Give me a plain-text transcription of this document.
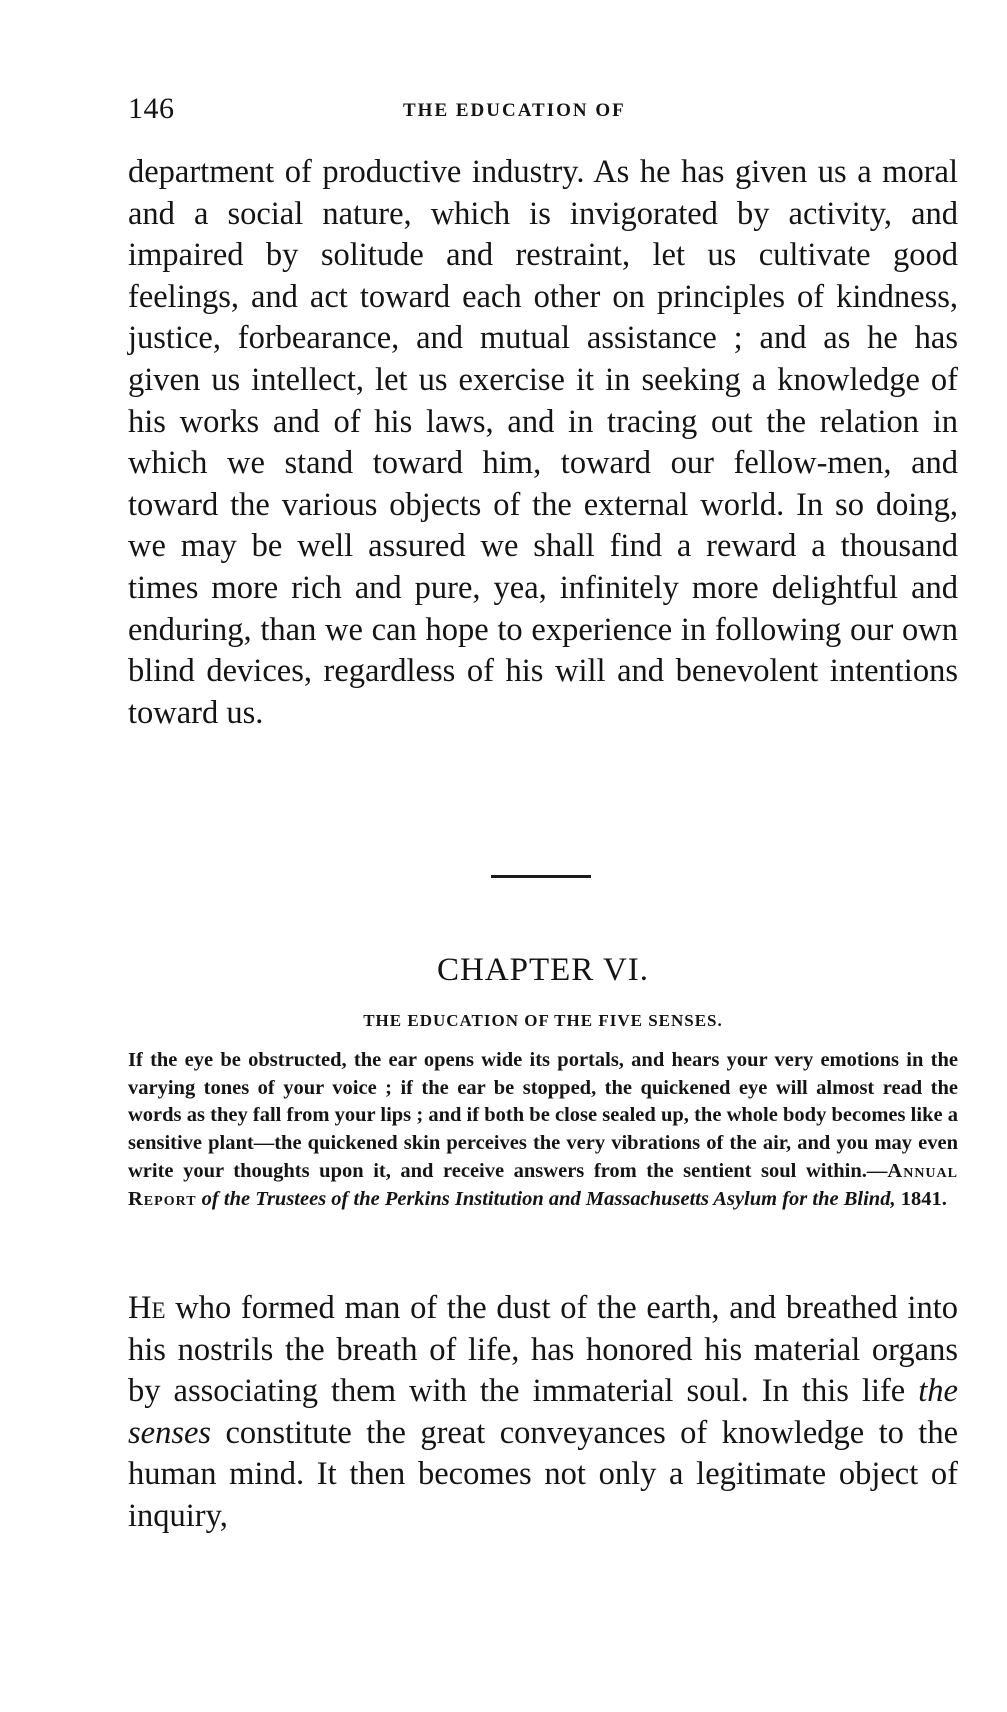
146	THE EDUCATION OF

department of productive industry. As he has given us a moral and a social nature, which is invigorated by activity, and impaired by solitude and restraint, let us cultivate good feelings, and act toward each other on principles of kindness, justice, forbearance, and mutual assistance ; and as he has given us intellect, let us exercise it in seeking a knowledge of his works and of his laws, and in tracing out the relation in which we stand toward him, toward our fellow-men, and toward the various objects of the external world. In so doing, we may be well assured we shall find a reward a thousand times more rich and pure, yea, infinitely more delightful and enduring, than we can hope to experience in following our own blind devices, regardless of his will and benevolent intentions toward us.

CHAPTER VI.
THE EDUCATION OF THE FIVE SENSES.

If the eye be obstructed, the ear opens wide its portals, and hears your very emotions in the varying tones of your voice ; if the ear be stopped, the quickened eye will almost read the words as they fall from your lips ; and if both be close sealed up, the whole body becomes like a sensitive plant—the quickened skin perceives the very vibrations of the air, and you may even write your thoughts upon it, and receive answers from the sentient soul within.—Annual Report of the Trustees of the Perkins Institution and Massachusetts Asylum for the Blind, 1841.

He who formed man of the dust of the earth, and breathed into his nostrils the breath of life, has honored his material organs by associating them with the immaterial soul. In this life the senses constitute the great conveyances of knowledge to the human mind. It then becomes not only a legitimate object of inquiry,
